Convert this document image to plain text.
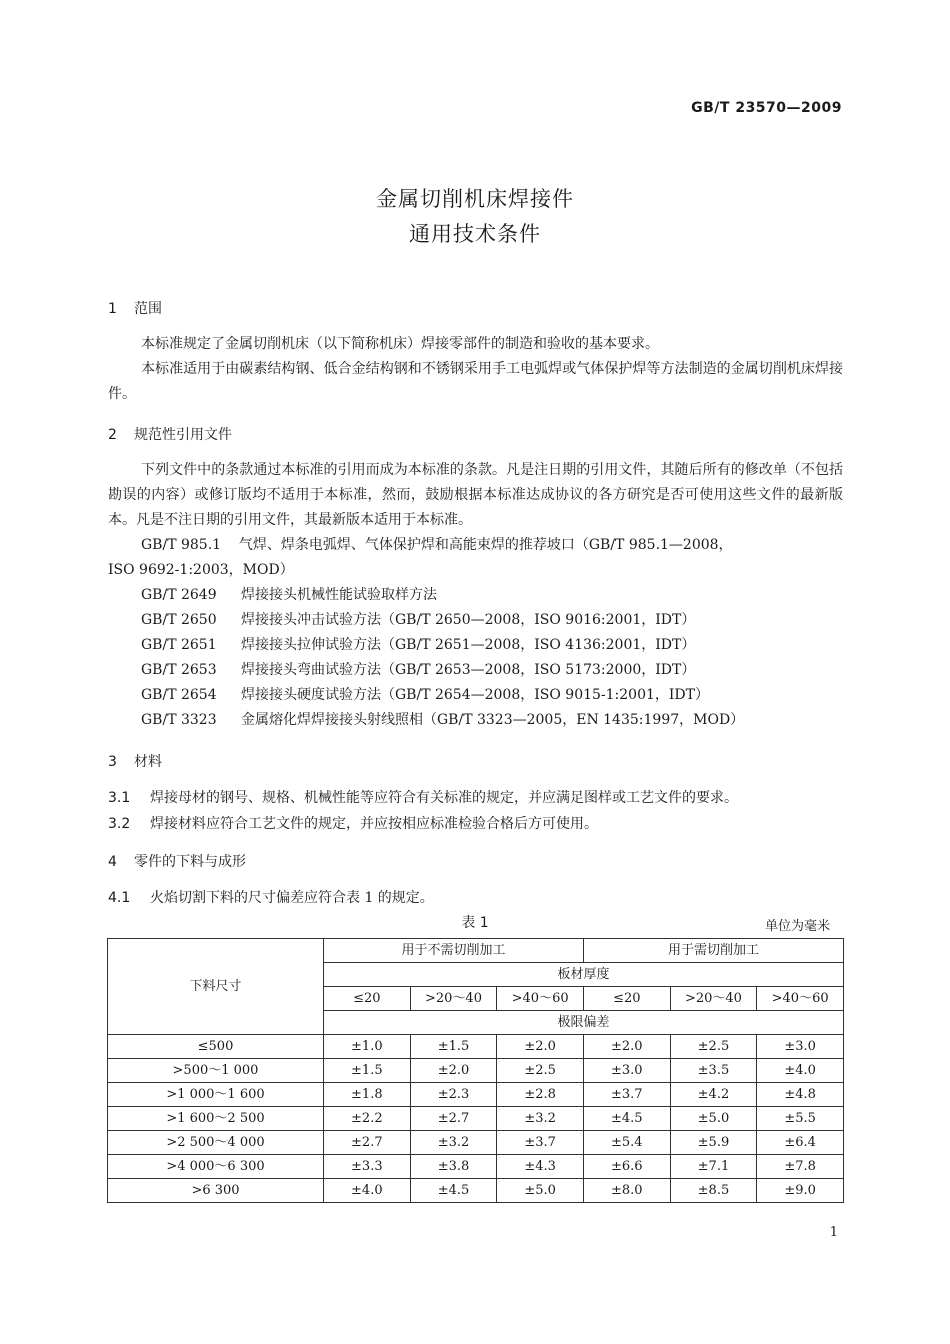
GB/T 23570—2009
金属切削机床焊接件
通用技术条件
1 范围
本标准规定了金属切削机床（以下简称机床）焊接零部件的制造和验收的基本要求。
本标准适用于由碳素结构钢、低合金结构钢和不锈钢采用手工电弧焊或气体保护焊等方法制造的金属切削机床焊接件。
2 规范性引用文件
下列文件中的条款通过本标准的引用而成为本标准的条款。凡是注日期的引用文件，其随后所有的修改单（不包括勘误的内容）或修订版均不适用于本标准，然而，鼓励根据本标准达成协议的各方研究是否可使用这些文件的最新版本。凡是不注日期的引用文件，其最新版本适用于本标准。
GB/T 985.1 气焊、焊条电弧焊、气体保护焊和高能束焊的推荐坡口（GB/T 985.1—2008，
ISO 9692-1:2003，MOD）
GB/T 2649 焊接接头机械性能试验取样方法
GB/T 2650 焊接接头冲击试验方法（GB/T 2650—2008，ISO 9016:2001，IDT）
GB/T 2651 焊接接头拉伸试验方法（GB/T 2651—2008，ISO 4136:2001，IDT）
GB/T 2653 焊接接头弯曲试验方法（GB/T 2653—2008，ISO 5173:2000，IDT）
GB/T 2654 焊接接头硬度试验方法（GB/T 2654—2008，ISO 9015-1:2001，IDT）
GB/T 3323 金属熔化焊焊接接头射线照相（GB/T 3323—2005，EN 1435:1997，MOD）
3 材料
3.1 焊接母材的钢号、规格、机械性能等应符合有关标准的规定，并应满足图样或工艺文件的要求。
3.2 焊接材料应符合工艺文件的规定，并应按相应标准检验合格后方可使用。
4 零件的下料与成形
4.1 火焰切割下料的尺寸偏差应符合表 1 的规定。
表 1	单位为毫米
下料尺寸	用于不需切削加工			用于需切削加工		
	板材厚度					
	≤20	>20～40	>40～60	≤20	>20～40	>40～60
	极限偏差					
≤500	±1.0	±1.5	±2.0	±2.0	±2.5	±3.0
>500～1 000	±1.5	±2.0	±2.5	±3.0	±3.5	±4.0
>1 000～1 600	±1.8	±2.3	±2.8	±3.7	±4.2	±4.8
>1 600～2 500	±2.2	±2.7	±3.2	±4.5	±5.0	±5.5
>2 500～4 000	±2.7	±3.2	±3.7	±5.4	±5.9	±6.4
>4 000～6 300	±3.3	±3.8	±4.3	±6.6	±7.1	±7.8
>6 300	±4.0	±4.5	±5.0	±8.0	±8.5	±9.0
1
